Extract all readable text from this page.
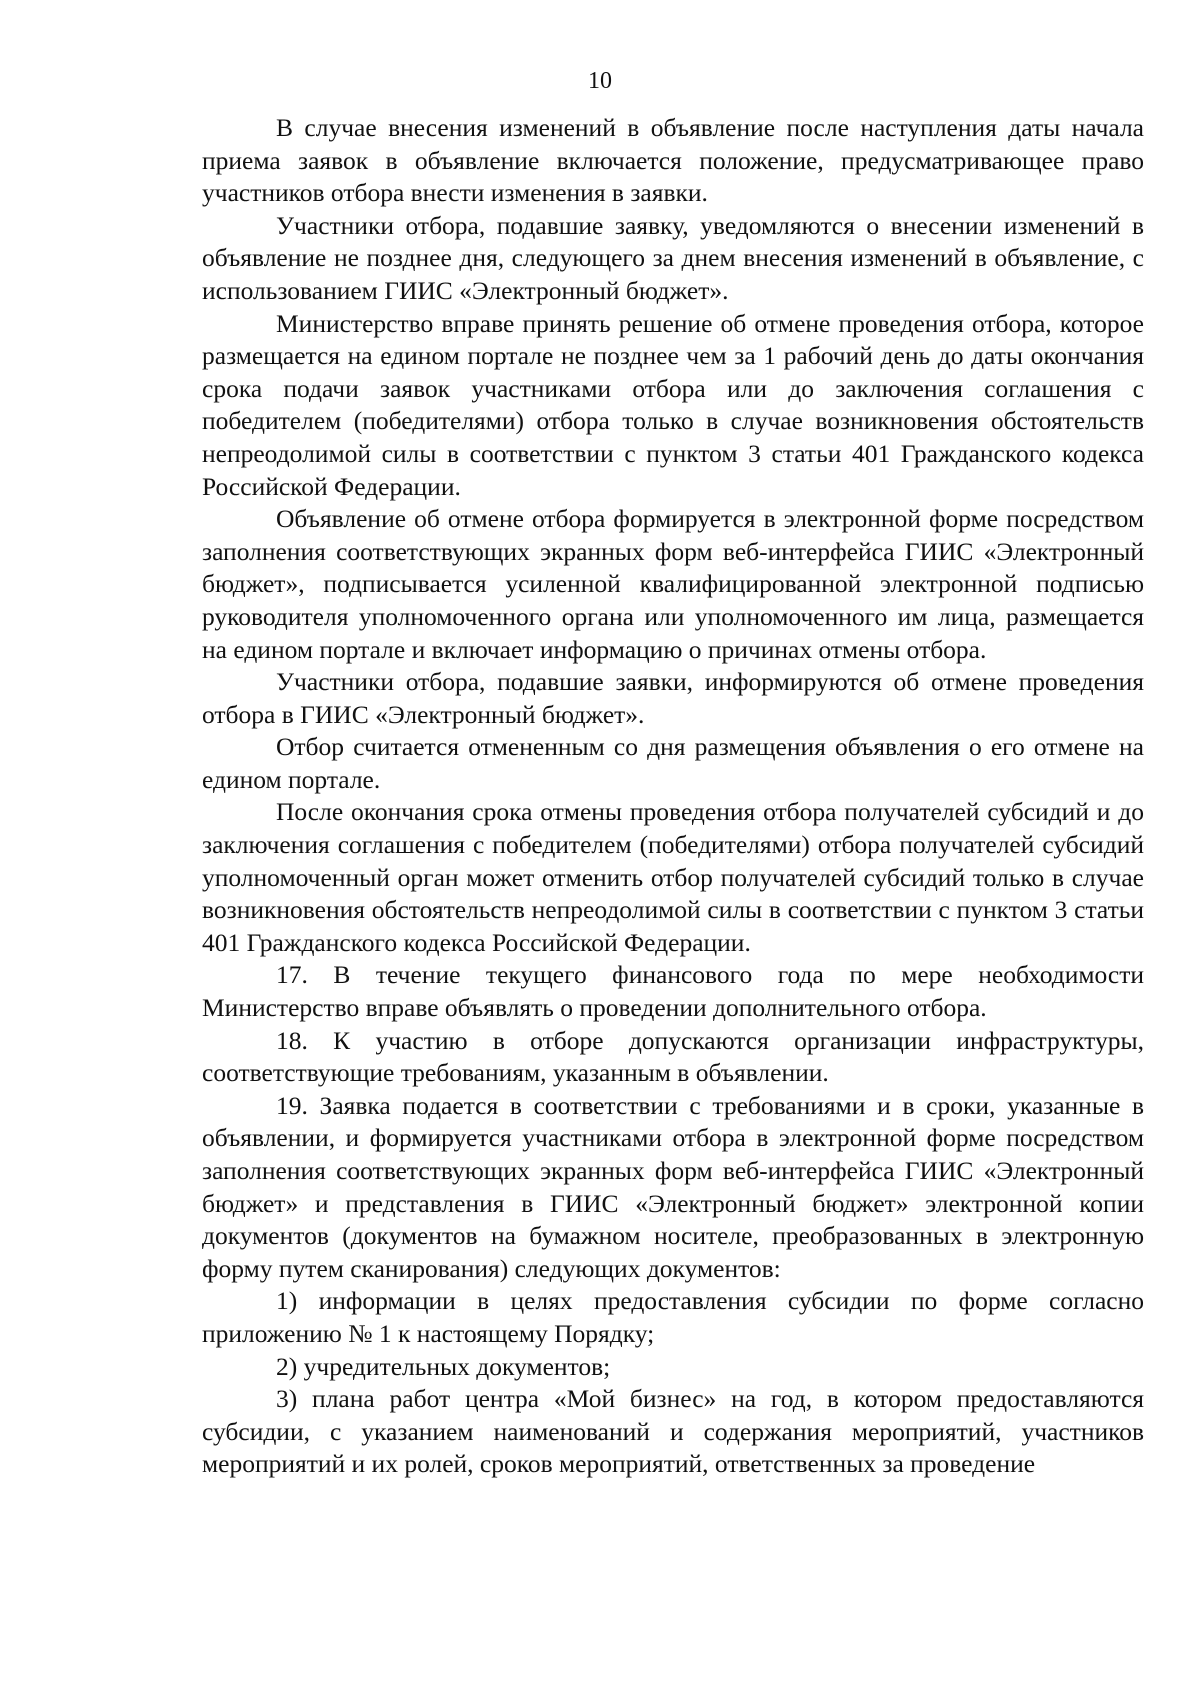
10

В случае внесения изменений в объявление после наступления даты начала приема заявок в объявление включается положение, предусматривающее право участников отбора внести изменения в заявки.

Участники отбора, подавшие заявку, уведомляются о внесении изменений в объявление не позднее дня, следующего за днем внесения изменений в объявление, с использованием ГИИС «Электронный бюджет».

Министерство вправе принять решение об отмене проведения отбора, которое размещается на едином портале не позднее чем за 1 рабочий день до даты окончания срока подачи заявок участниками отбора или до заключения соглашения с победителем (победителями) отбора только в случае возникновения обстоятельств непреодолимой силы в соответствии с пунктом 3 статьи 401 Гражданского кодекса Российской Федерации.

Объявление об отмене отбора формируется в электронной форме посредством заполнения соответствующих экранных форм веб-интерфейса ГИИС «Электронный бюджет», подписывается усиленной квалифицированной электронной подписью руководителя уполномоченного органа или уполномоченного им лица, размещается на едином портале и включает информацию о причинах отмены отбора.

Участники отбора, подавшие заявки, информируются об отмене проведения отбора в ГИИС «Электронный бюджет».

Отбор считается отмененным со дня размещения объявления о его отмене на едином портале.

После окончания срока отмены проведения отбора получателей субсидий и до заключения соглашения с победителем (победителями) отбора получателей субсидий уполномоченный орган может отменить отбор получателей субсидий только в случае возникновения обстоятельств непреодолимой силы в соответствии с пунктом 3 статьи 401 Гражданского кодекса Российской Федерации.

17. В течение текущего финансового года по мере необходимости Министерство вправе объявлять о проведении дополнительного отбора.

18. К участию в отборе допускаются организации инфраструктуры, соответствующие требованиям, указанным в объявлении.

19. Заявка подается в соответствии с требованиями и в сроки, указанные в объявлении, и формируется участниками отбора в электронной форме посредством заполнения соответствующих экранных форм веб-интерфейса ГИИС «Электронный бюджет» и представления в ГИИС «Электронный бюджет» электронной копии документов (документов на бумажном носителе, преобразованных в электронную форму путем сканирования) следующих документов:

1) информации в целях предоставления субсидии по форме согласно приложению № 1 к настоящему Порядку;

2) учредительных документов;

3) плана работ центра «Мой бизнес» на год, в котором предоставляются субсидии, с указанием наименований и содержания мероприятий, участников мероприятий и их ролей, сроков мероприятий, ответственных за проведение
